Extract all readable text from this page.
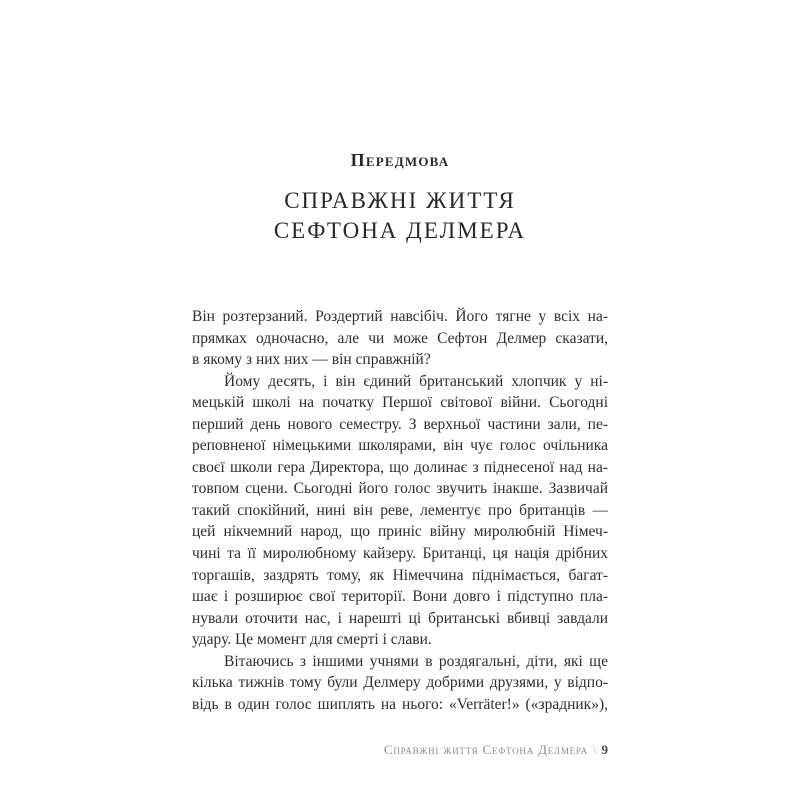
Передмова
СПРАВЖНІ ЖИТТЯ
СЕФТОНА ДЕЛМЕРА
Він розтерзаний. Роздертий навсібіч. Його тягне у всіх на-
прямках одночасно, але чи може Сефтон Делмер сказати,
в якому з них них — він справжній?
Йому десять, і він єдиний британський хлопчик у ні-
мецькій школі на початку Першої світової війни. Сьогодні
перший день нового семестру. З верхньої частини зали, пе-
реповненої німецькими школярами, він чує голос очільника
своєї школи гера Директора, що долинає з піднесеної над на-
товпом сцени. Сьогодні його голос звучить інакше. Зазвичай
такий спокійний, нині він реве, лементує про британців —
цей нікчемний народ, що приніс війну миролюбній Німеч-
чині та її миролюбному кайзеру. Британці, ця нація дрібних
торгашів, заздрять тому, як Німеччина піднімається, багат-
шає і розширює свої території. Вони довго і підступно пла-
нували оточити нас, і нарешті ці британські вбивці завдали
удару. Це момент для смерті і слави.
Вітаючись з іншими учнями в роздягальні, діти, які ще
кілька тижнів тому були Делмеру добрими друзями, у відпо-
відь в один голос шиплять на нього: «Verräter!» («зрадник»),
Справжні життя Сефтона Делмера \ 9
